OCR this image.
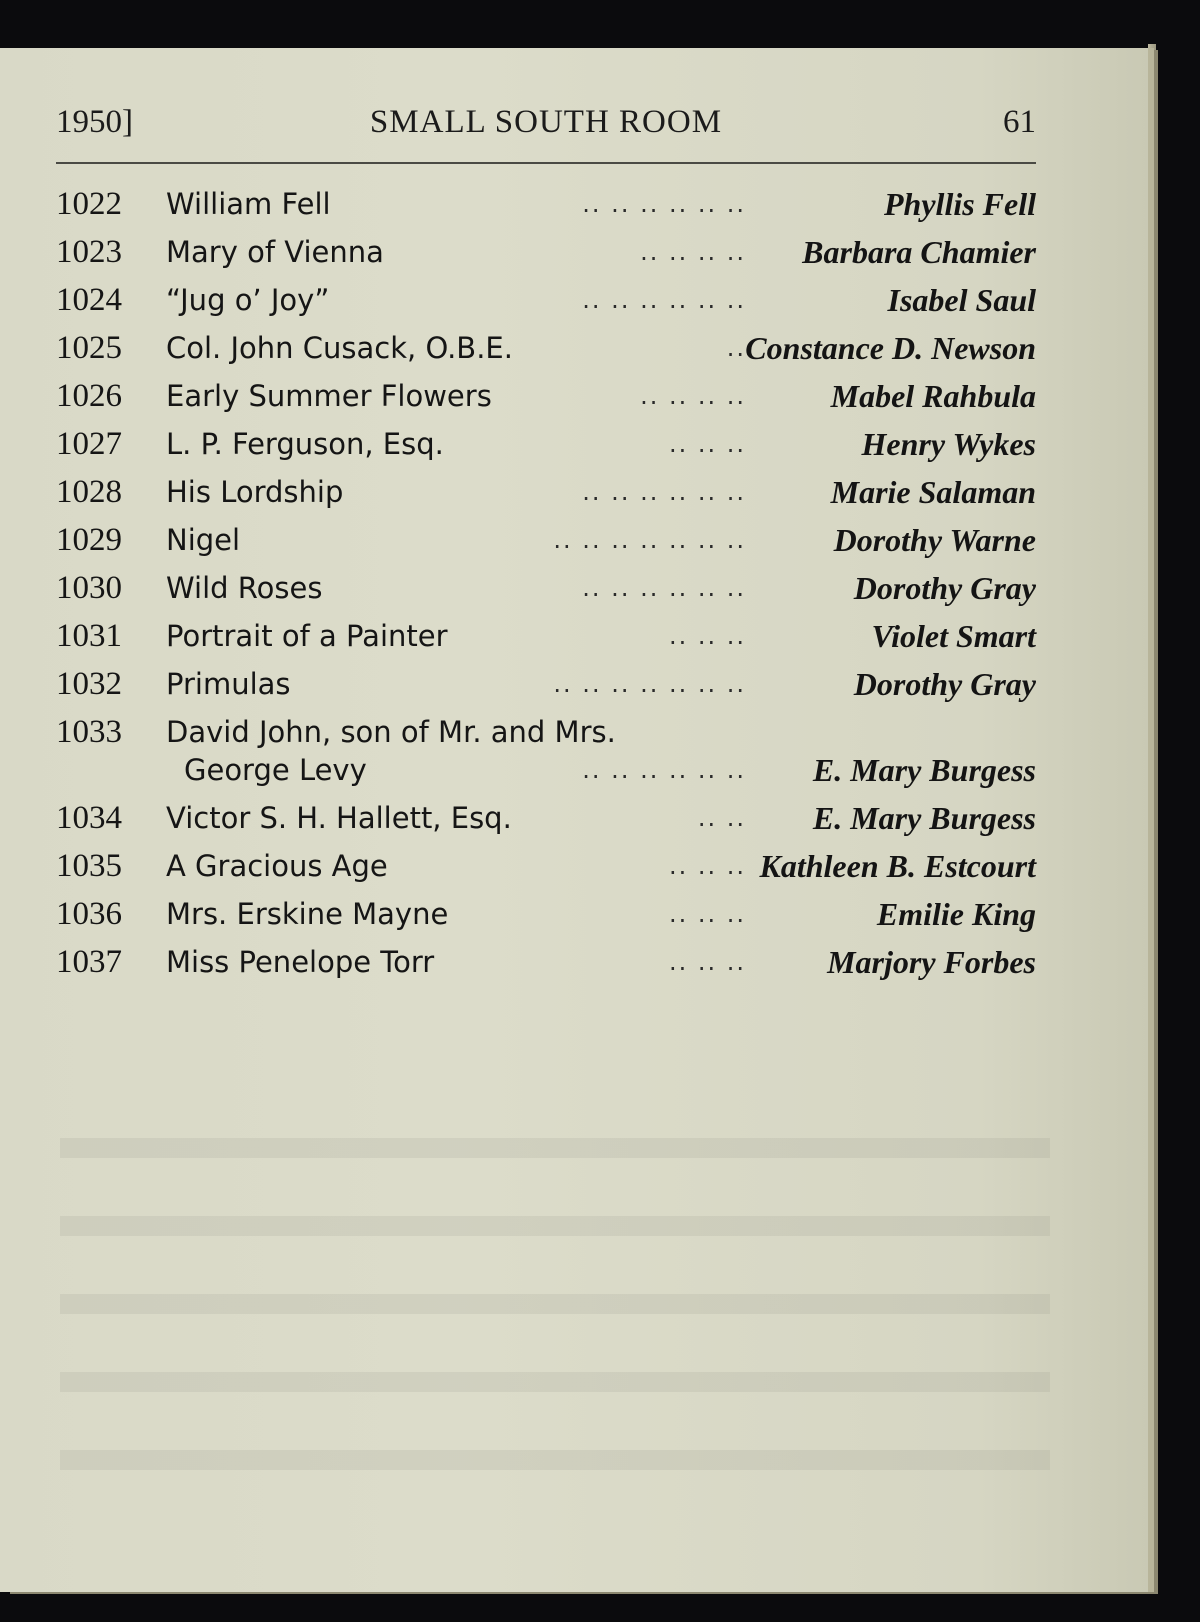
1950]	SMALL SOUTH ROOM	61
1022	William Fell	.. .. .. .. .. ..	Phyllis Fell
1023	Mary of Vienna	.. .. .. .. Barbara Chamier
1024	“Jug o’ Joy”	.. .. .. .. .. ..	Isabel Saul
1025	Col. John Cusack, O.B.E.	.. Constance D. Newson
1026	Early Summer Flowers	.. .. .. ..	Mabel Rahbula
1027	L. P. Ferguson, Esq.	.. .. ..	Henry Wykes
1028	His Lordship	.. .. .. .. .. ..	Marie Salaman
1029	Nigel	.. .. .. .. .. .. ..	Dorothy Warne
1030	Wild Roses	.. .. .. .. .. ..	Dorothy Gray
1031	Portrait of a Painter	.. .. ..	Violet Smart
1032	Primulas	.. .. .. .. .. .. ..	Dorothy Gray
1033	David John, son of Mr. and Mrs.
George Levy	.. .. .. .. .. .. E. Mary Burgess
1034	Victor S. H. Hallett, Esq.	.. .. E. Mary Burgess
1035	A Gracious Age	.. .. .. Kathleen B. Estcourt
1036	Mrs. Erskine Mayne	.. .. ..	Emilie King
1037	Miss Penelope Torr	.. .. ..	Marjory Forbes
